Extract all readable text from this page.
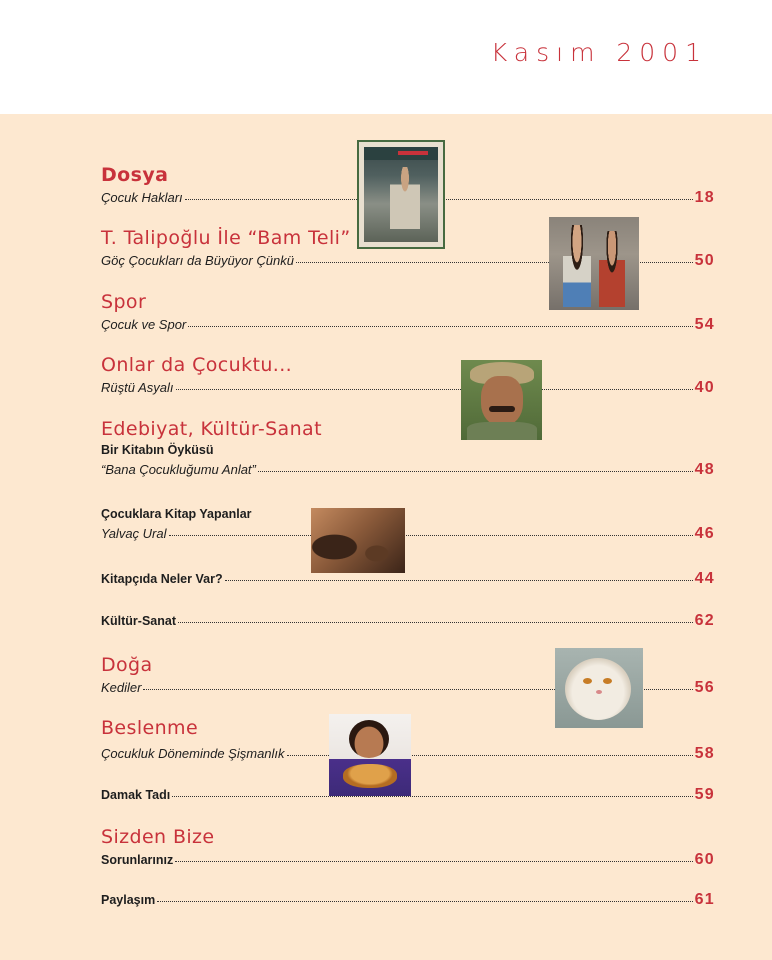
Kasım 2001
Dosya
Çocuk Hakları	18
T. Talipoğlu İle “Bam Teli”
Göç Çocukları da Büyüyor Çünkü	50
Spor
Çocuk ve Spor	54
Onlar da Çocuktu...
Rüştü Asyalı	40
Edebiyat, Kültür-Sanat
Bir Kitabın Öyküsü
“Bana Çocukluğumu Anlat”	48
Çocuklara Kitap Yapanlar
Yalvaç Ural	46
Kitapçıda Neler Var?	44
Kültür-Sanat	62
Doğa
Kediler	56
Beslenme
Çocukluk Döneminde Şişmanlık	58
Damak Tadı	59
Sizden Bize
Sorunlarınız	60
Paylaşım	61
